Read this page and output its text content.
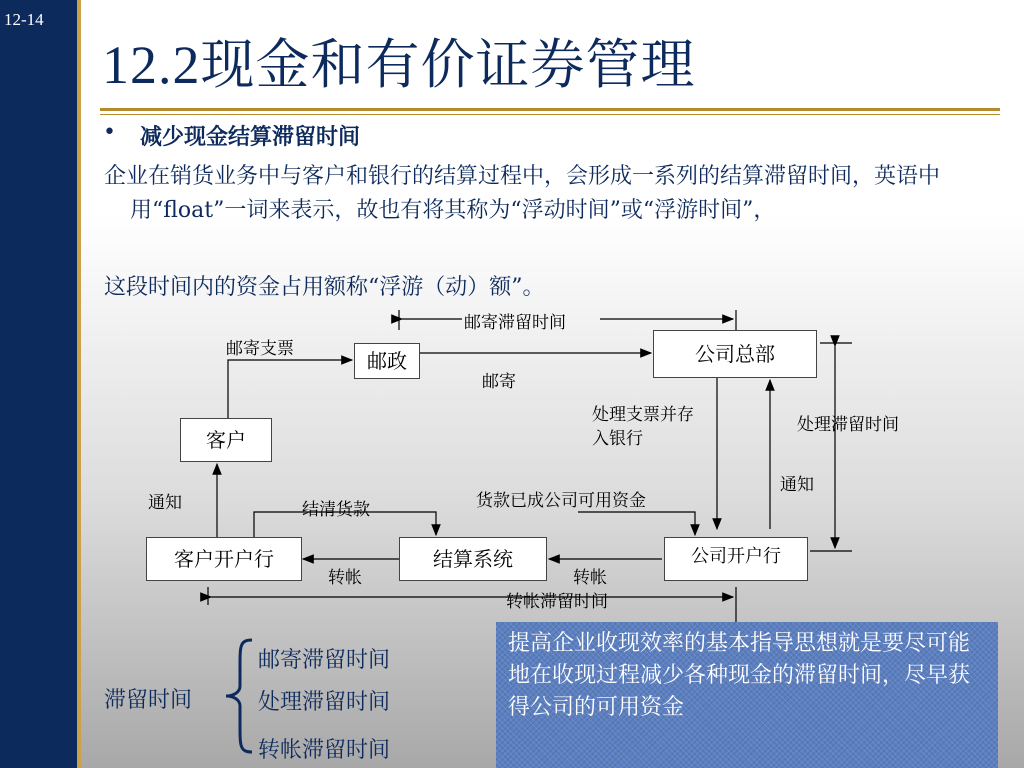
12-14
12.2现金和有价证券管理
• 减少现金结算滞留时间
企业在销货业务中与客户和银行的结算过程中，会形成一系列的结算滞留时间，英语中用“float”一词来表示，故也有将其称为“浮动时间”或“浮游时间”，
这段时间内的资金占用额称“浮游（动）额”。
邮政	公司总部
客户
客户开户行	结算系统	公司开户行
邮寄滞留时间
邮寄支票
邮寄
处理支票并存入银行
处理滞留时间
通知
通知
结清货款	货款已成公司可用资金
转帐	转帐
转帐滞留时间
滞留时间
邮寄滞留时间
处理滞留时间
转帐滞留时间
提高企业收现效率的基本指导思想就是要尽可能地在收现过程减少各种现金的滞留时间，尽早获得公司的可用资金
